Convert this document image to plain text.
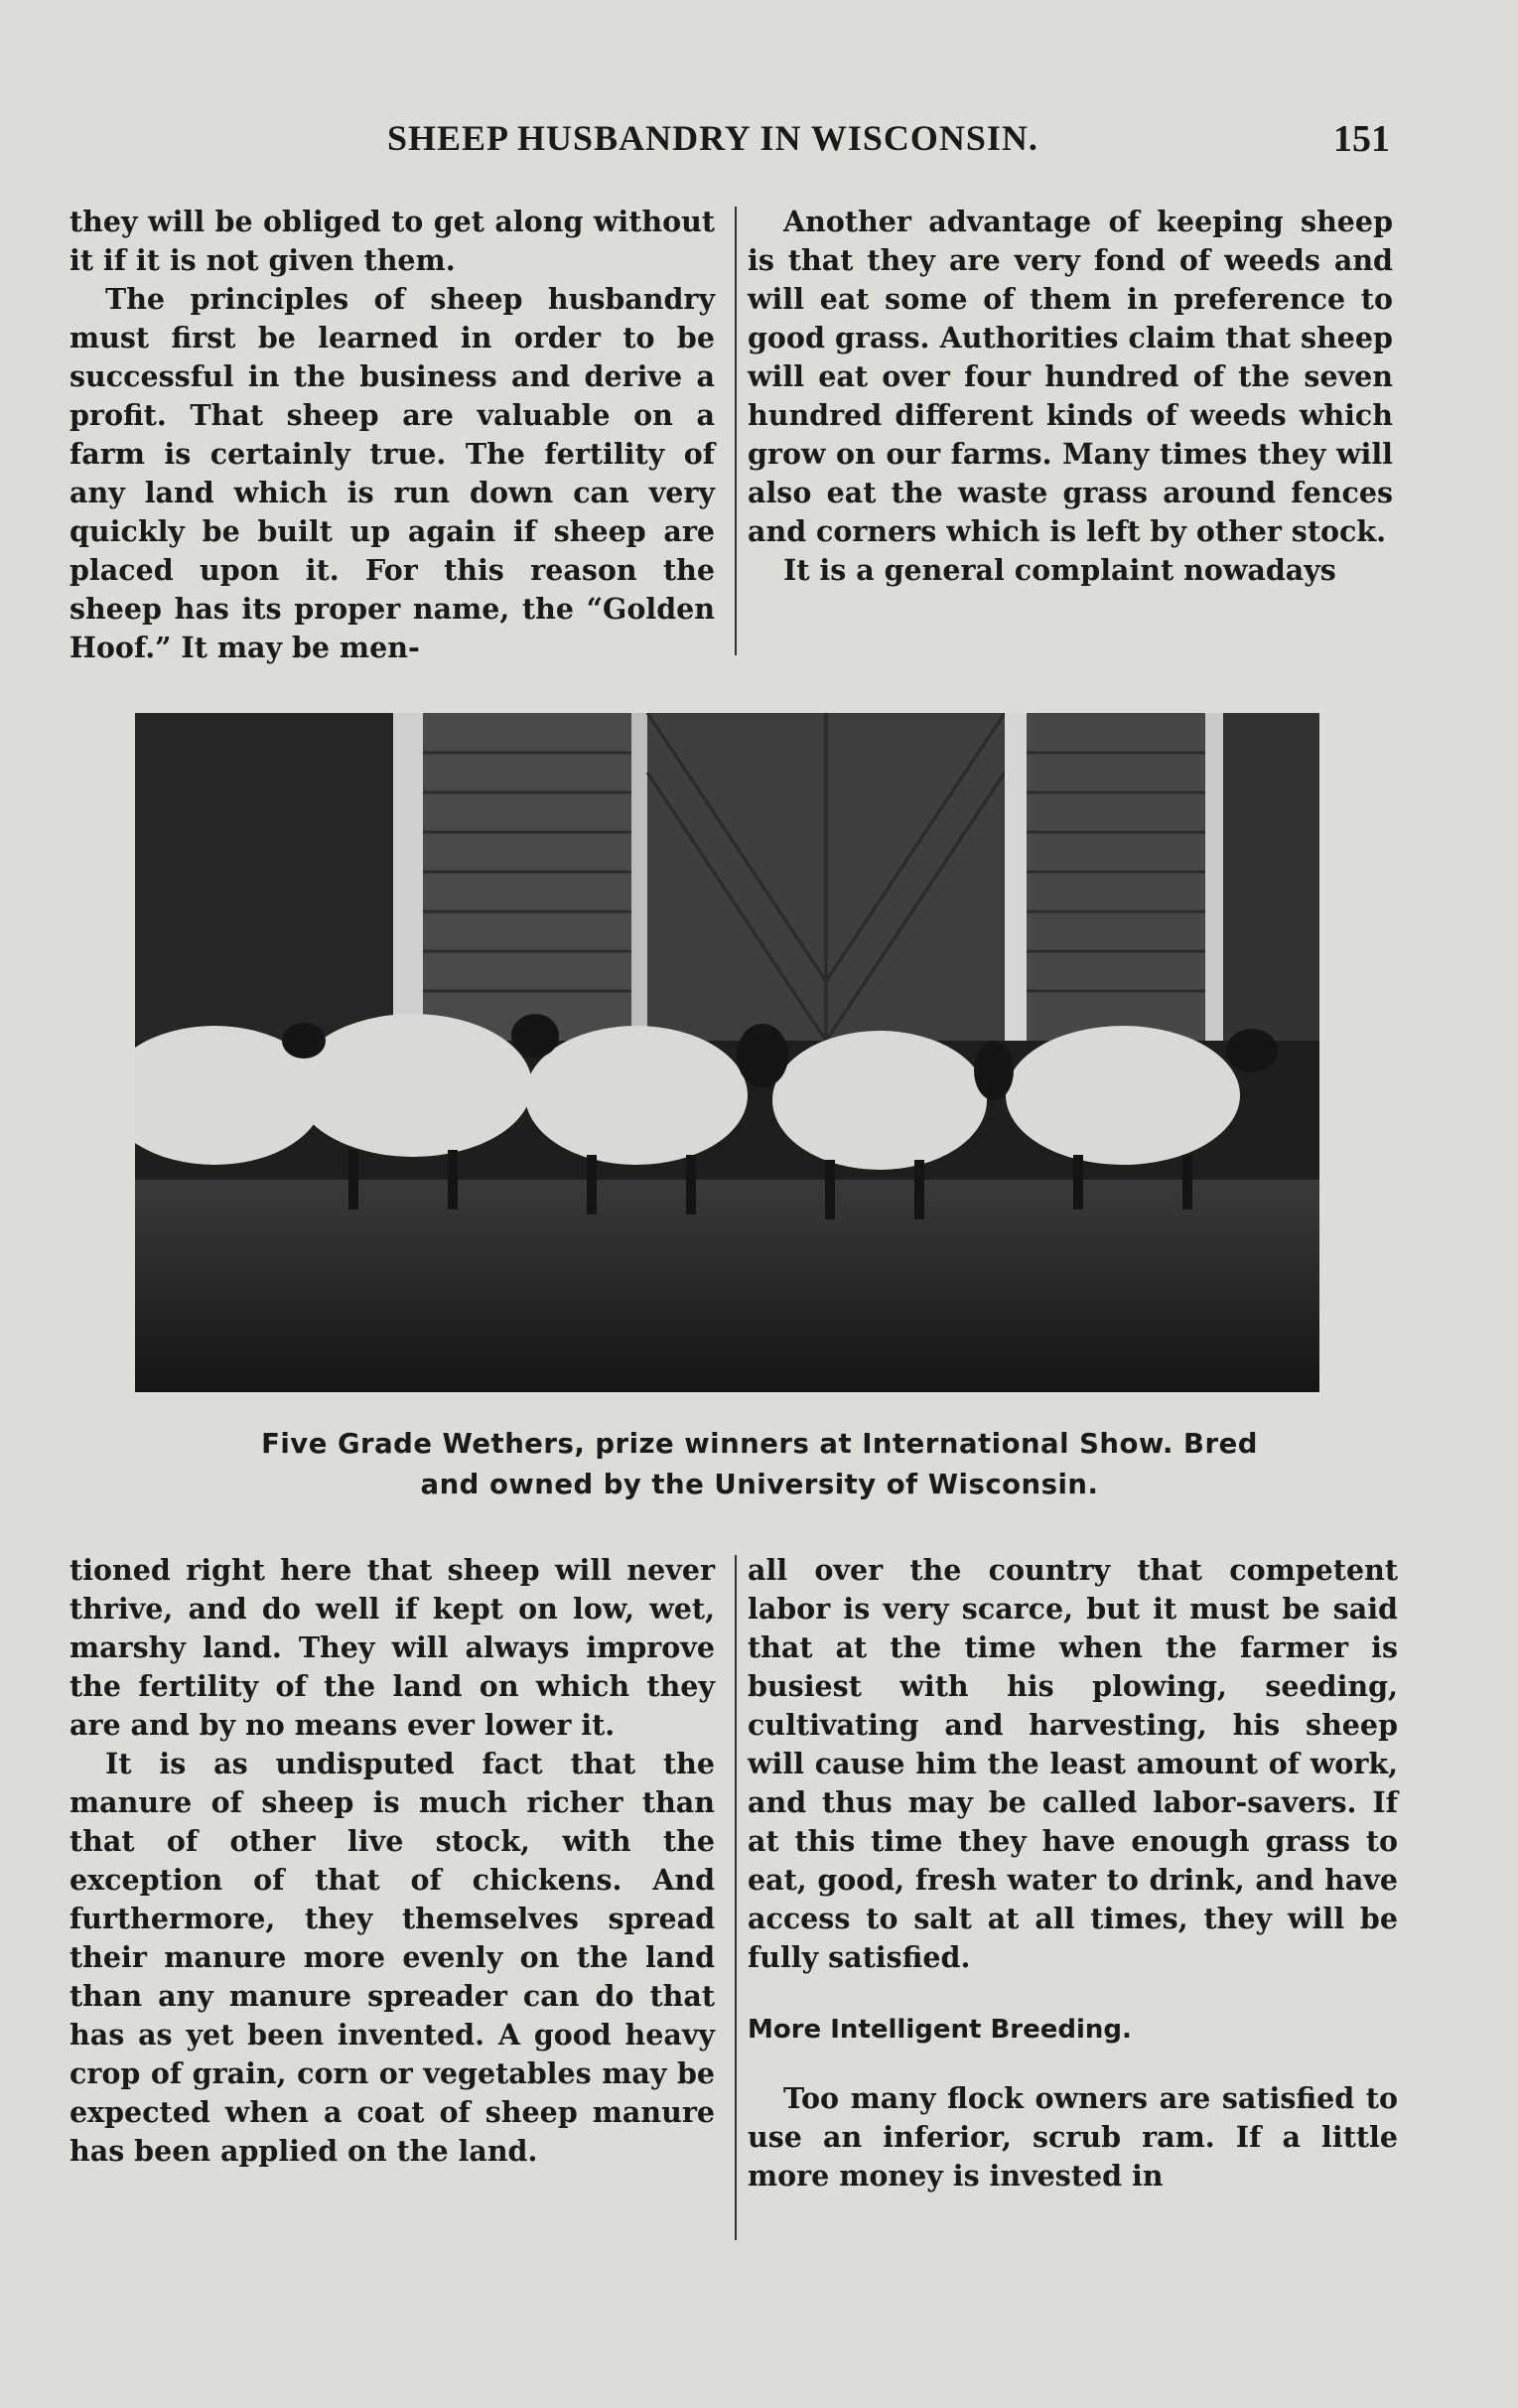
SHEEP HUSBANDRY IN WISCONSIN.	151

they will be obliged to get along without it if it is not given them.

The principles of sheep husbandry must first be learned in order to be successful in the business and derive a profit. That sheep are valuable on a farm is certainly true. The fertility of any land which is run down can very quickly be built up again if sheep are placed upon it. For this reason the sheep has its proper name, the “Golden Hoof.” It may be men-

Another advantage of keeping sheep is that they are very fond of weeds and will eat some of them in preference to good grass. Authorities claim that sheep will eat over four hundred of the seven hundred different kinds of weeds which grow on our farms. Many times they will also eat the waste grass around fences and corners which is left by other stock.

It is a general complaint nowadays

Five Grade Wethers, prize winners at International Show. Bred
and owned by the University of Wisconsin.

tioned right here that sheep will never thrive, and do well if kept on low, wet, marshy land. They will always improve the fertility of the land on which they are and by no means ever lower it.

It is as undisputed fact that the manure of sheep is much richer than that of other live stock, with the exception of that of chickens. And furthermore, they themselves spread their manure more evenly on the land than any manure spreader can do that has as yet been invented. A good heavy crop of grain, corn or vegetables may be expected when a coat of sheep manure has been applied on the land.

all over the country that competent labor is very scarce, but it must be said that at the time when the farmer is busiest with his plowing, seeding, cultivating and harvesting, his sheep will cause him the least amount of work, and thus may be called labor-savers. If at this time they have enough grass to eat, good, fresh water to drink, and have access to salt at all times, they will be fully satisfied.

More Intelligent Breeding.

Too many flock owners are satisfied to use an inferior, scrub ram. If a little more money is invested in
